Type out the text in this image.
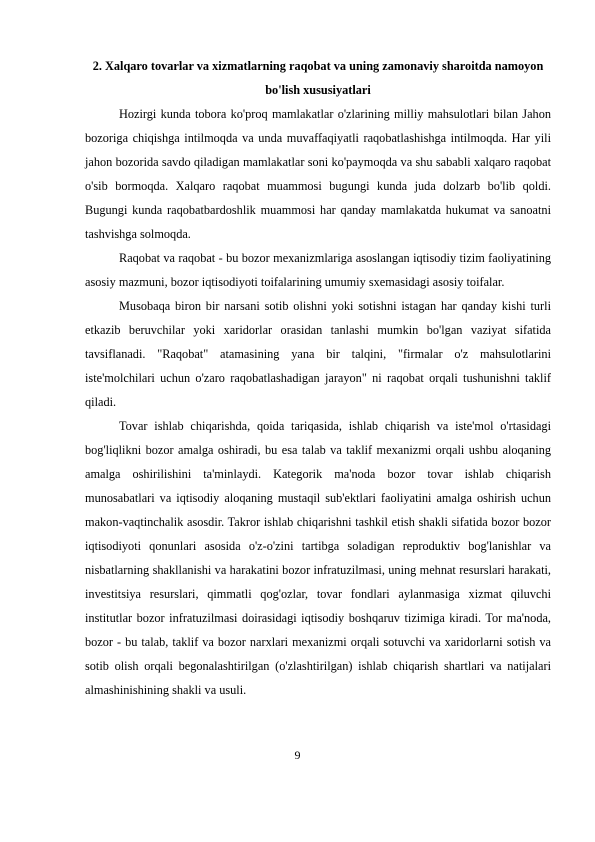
2. Xalqaro tovarlar va xizmatlarning raqobat va uning zamonaviy sharoitda namoyon bo'lish xususiyatlari

Hozirgi kunda tobora ko'proq mamlakatlar o'zlarining milliy mahsulotlari bilan Jahon bozoriga chiqishga intilmoqda va unda muvaffaqiyatli raqobatlashishga intilmoqda. Har yili jahon bozorida savdo qiladigan mamlakatlar soni ko'paymoqda va shu sababli xalqaro raqobat o'sib bormoqda. Xalqaro raqobat muammosi bugungi kunda juda dolzarb bo'lib qoldi. Bugungi kunda raqobatbardoshlik muammosi har qanday mamlakatda hukumat va sanoatni tashvishga solmoqda.

Raqobat va raqobat - bu bozor mexanizmlariga asoslangan iqtisodiy tizim faoliyatining asosiy mazmuni, bozor iqtisodiyoti toifalarining umumiy sxemasidagi asosiy toifalar.

Musobaqa biron bir narsani sotib olishni yoki sotishni istagan har qanday kishi turli etkazib beruvchilar yoki xaridorlar orasidan tanlashi mumkin bo'lgan vaziyat sifatida tavsiflanadi. "Raqobat" atamasining yana bir talqini, "firmalar o'z mahsulotlarini iste'molchilari uchun o'zaro raqobatlashadigan jarayon" ni raqobat orqali tushunishni taklif qiladi.

Tovar ishlab chiqarishda, qoida tariqasida, ishlab chiqarish va iste'mol o'rtasidagi bog'liqlikni bozor amalga oshiradi, bu esa talab va taklif mexanizmi orqali ushbu aloqaning amalga oshirilishini ta'minlaydi. Kategorik ma'noda bozor tovar ishlab chiqarish munosabatlari va iqtisodiy aloqaning mustaqil sub'ektlari faoliyatini amalga oshirish uchun makon-vaqtinchalik asosdir. Takror ishlab chiqarishni tashkil etish shakli sifatida bozor bozor iqtisodiyoti qonunlari asosida o'z-o'zini tartibga soladigan reproduktiv bog'lanishlar va nisbatlarning shakllanishi va harakatini bozor infratuzilmasi, uning mehnat resurslari harakati, investitsiya resurslari, qimmatli qog'ozlar, tovar fondlari aylanmasiga xizmat qiluvchi institutlar bozor infratuzilmasi doirasidagi iqtisodiy boshqaruv tizimiga kiradi. Tor ma'noda, bozor - bu talab, taklif va bozor narxlari mexanizmi orqali sotuvchi va xaridorlarni sotish va sotib olish orqali begonalashtirilgan (o'zlashtirilgan) ishlab chiqarish shartlari va natijalari almashinishining shakli va usuli.

9
